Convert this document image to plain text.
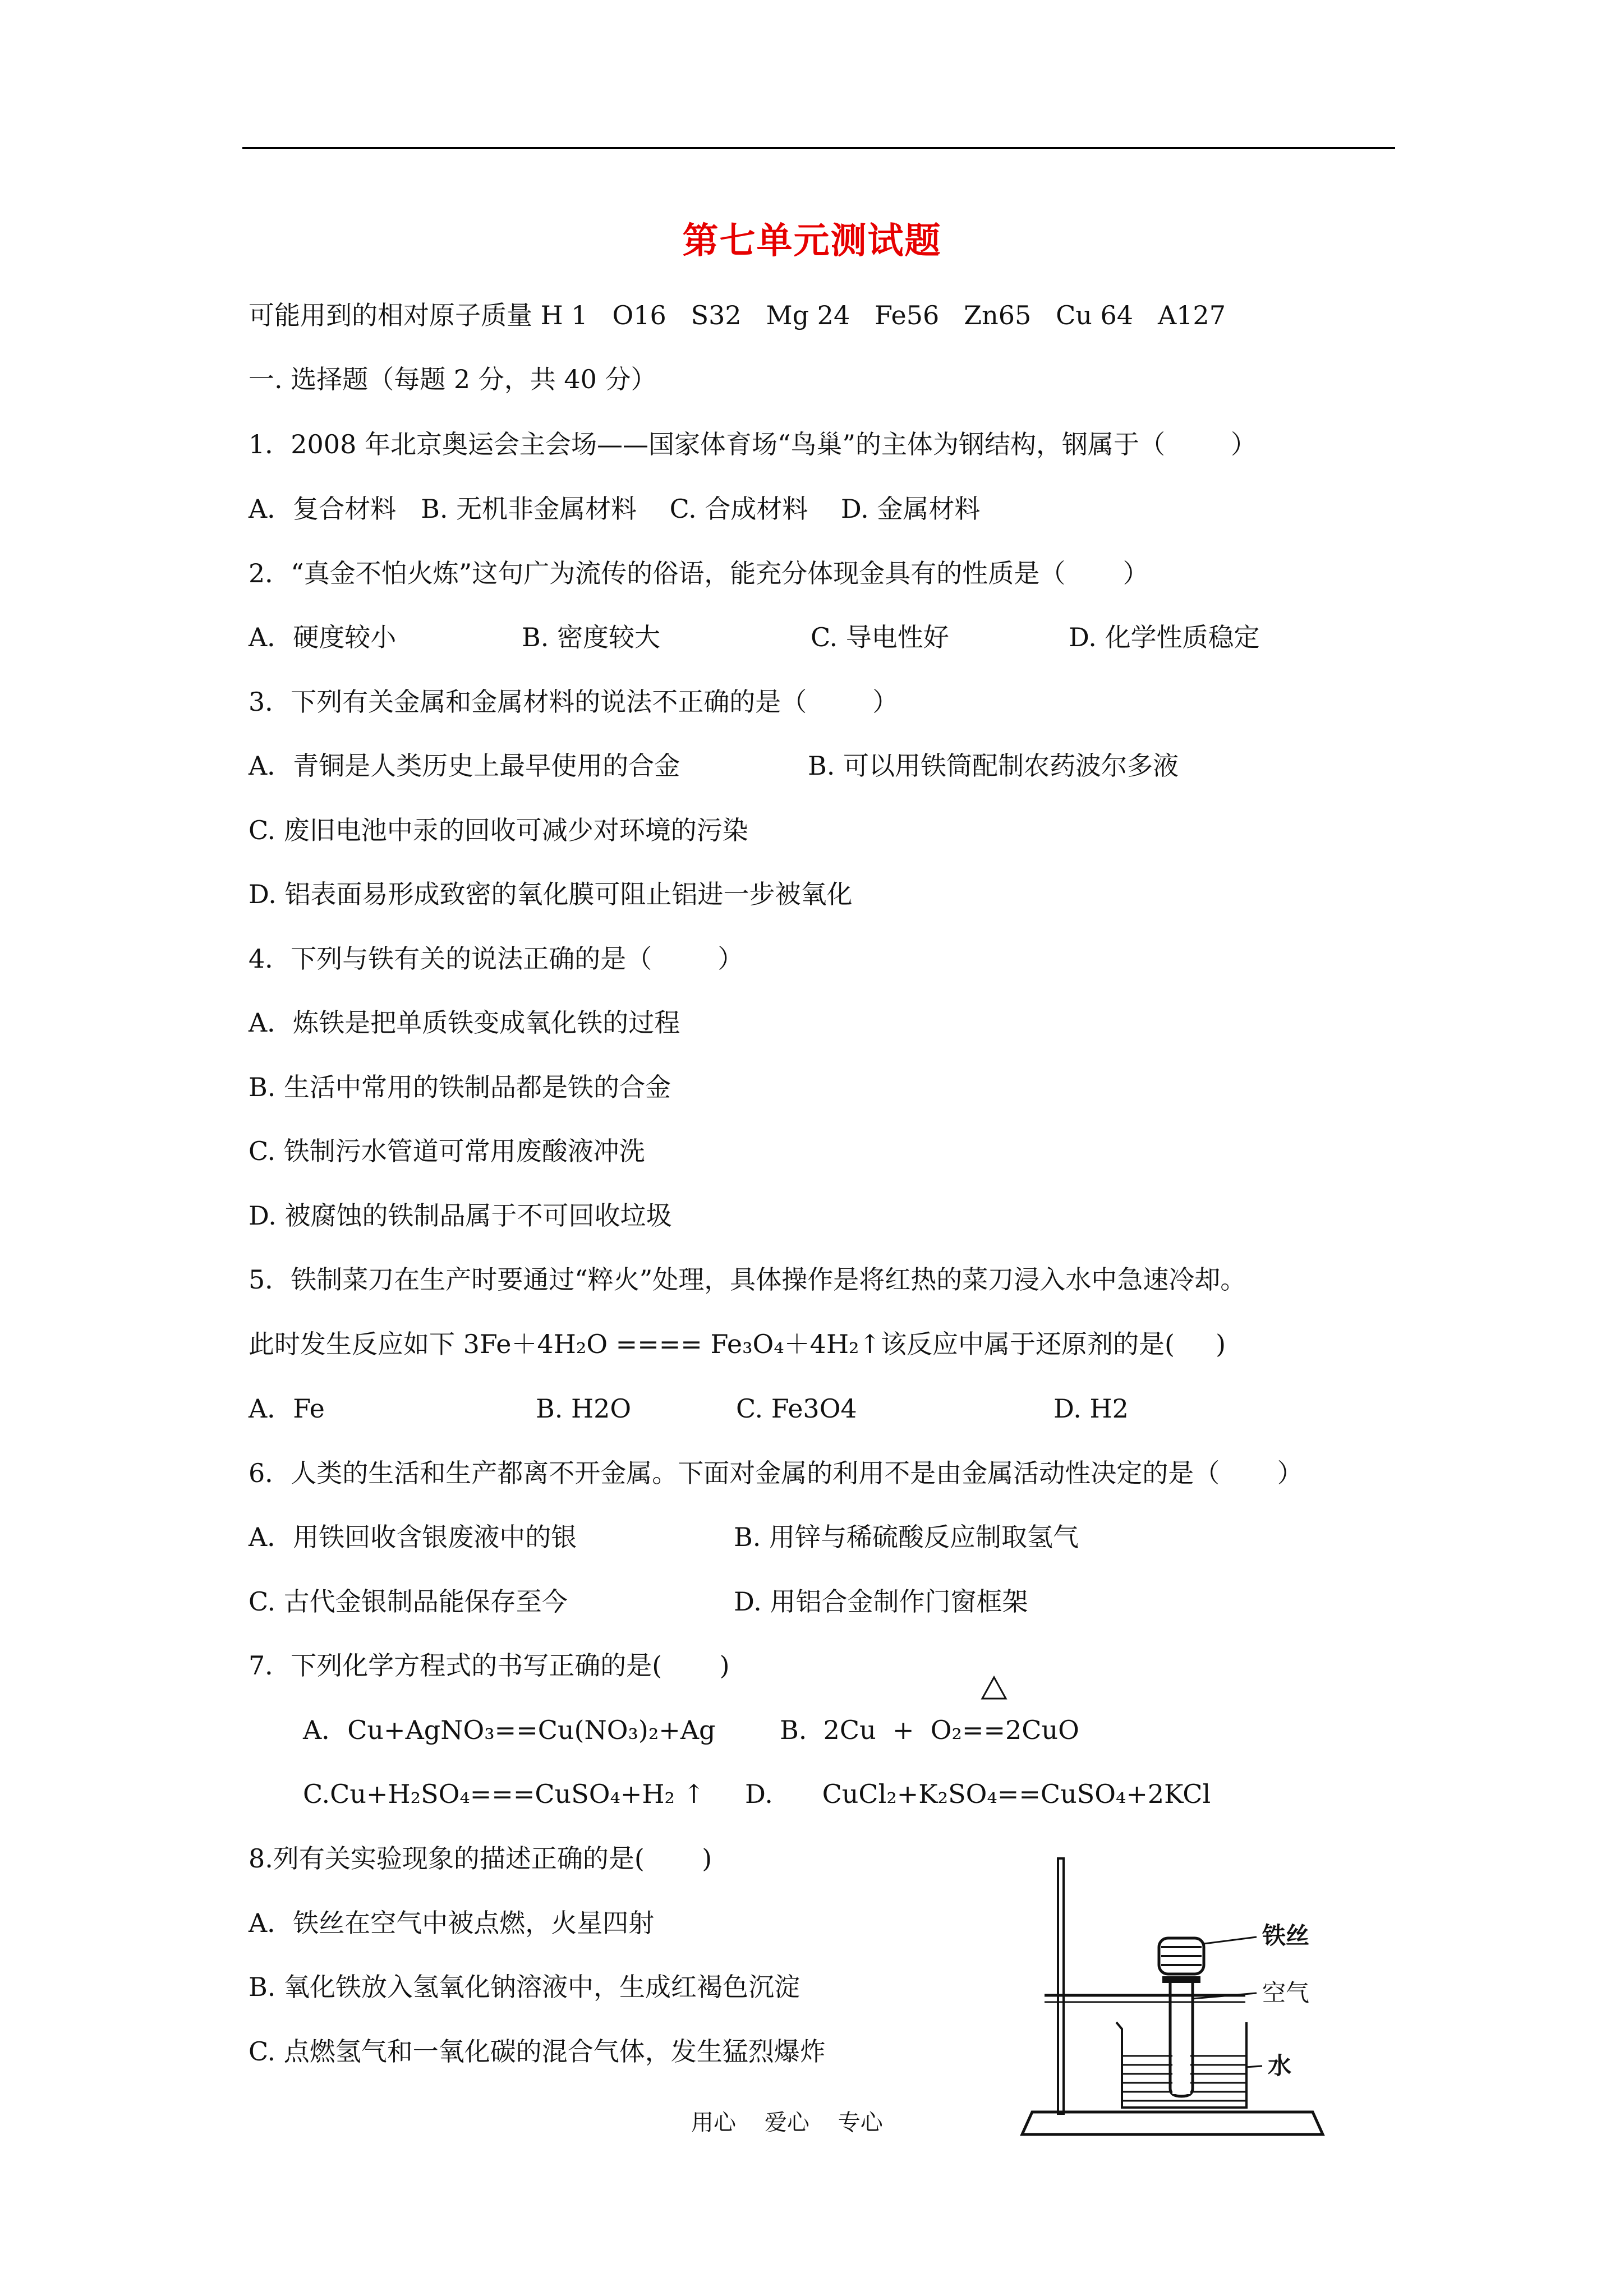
第七单元测试题
可能用到的相对原子质量 H 1   O16   S32   Mg 24   Fe56   Zn65   Cu 64   A127
一. 选择题（每题 2 分，共 40 分）
1．2008 年北京奥运会主会场——国家体育场“鸟巢”的主体为钢结构，钢属于（        ）
A．复合材料   B. 无机非金属材料    C. 合成材料    D. 金属材料
2．“真金不怕火炼”这句广为流传的俗语，能充分体现金具有的性质是（       ）
A．硬度较小	B. 密度较大	C. 导电性好	D. 化学性质稳定
3．下列有关金属和金属材料的说法不正确的是（        ）
A．青铜是人类历史上最早使用的合金	B. 可以用铁筒配制农药波尔多液
C. 废旧电池中汞的回收可减少对环境的污染
D. 铝表面易形成致密的氧化膜可阻止铝进一步被氧化
4．下列与铁有关的说法正确的是（        ）
A．炼铁是把单质铁变成氧化铁的过程
B. 生活中常用的铁制品都是铁的合金
C. 铁制污水管道可常用废酸液冲洗
D. 被腐蚀的铁制品属于不可回收垃圾
5．铁制菜刀在生产时要通过“粹火”处理，具体操作是将红热的菜刀浸入水中急速冷却。
此时发生反应如下 3Fe＋4H₂O ==== Fe₃O₄＋4H₂↑该反应中属于还原剂的是(     )
A．Fe	B. H2O	C. Fe3O4	D. H2
6．人类的生活和生产都离不开金属。下面对金属的利用不是由金属活动性决定的是（       ）
A．用铁回收含银废液中的银	B. 用锌与稀硫酸反应制取氢气
C. 古代金银制品能保存至今	D. 用铝合金制作门窗框架
7．下列化学方程式的书写正确的是(       )
A．Cu+AgNO₃==Cu(NO₃)₂+Ag B.  2Cu  +  O₂==2CuO
C.Cu+H₂SO₄===CuSO₄+H₂ ↑ D.      CuCl₂+K₂SO₄==CuSO₄+2KCl
8.列有关实验现象的描述正确的是(       )
A．铁丝在空气中被点燃，火星四射
B. 氧化铁放入氢氧化钠溶液中，生成红褐色沉淀
C. 点燃氢气和一氧化碳的混合气体，发生猛烈爆炸
铁丝
空气
水
用心    爱心    专心
